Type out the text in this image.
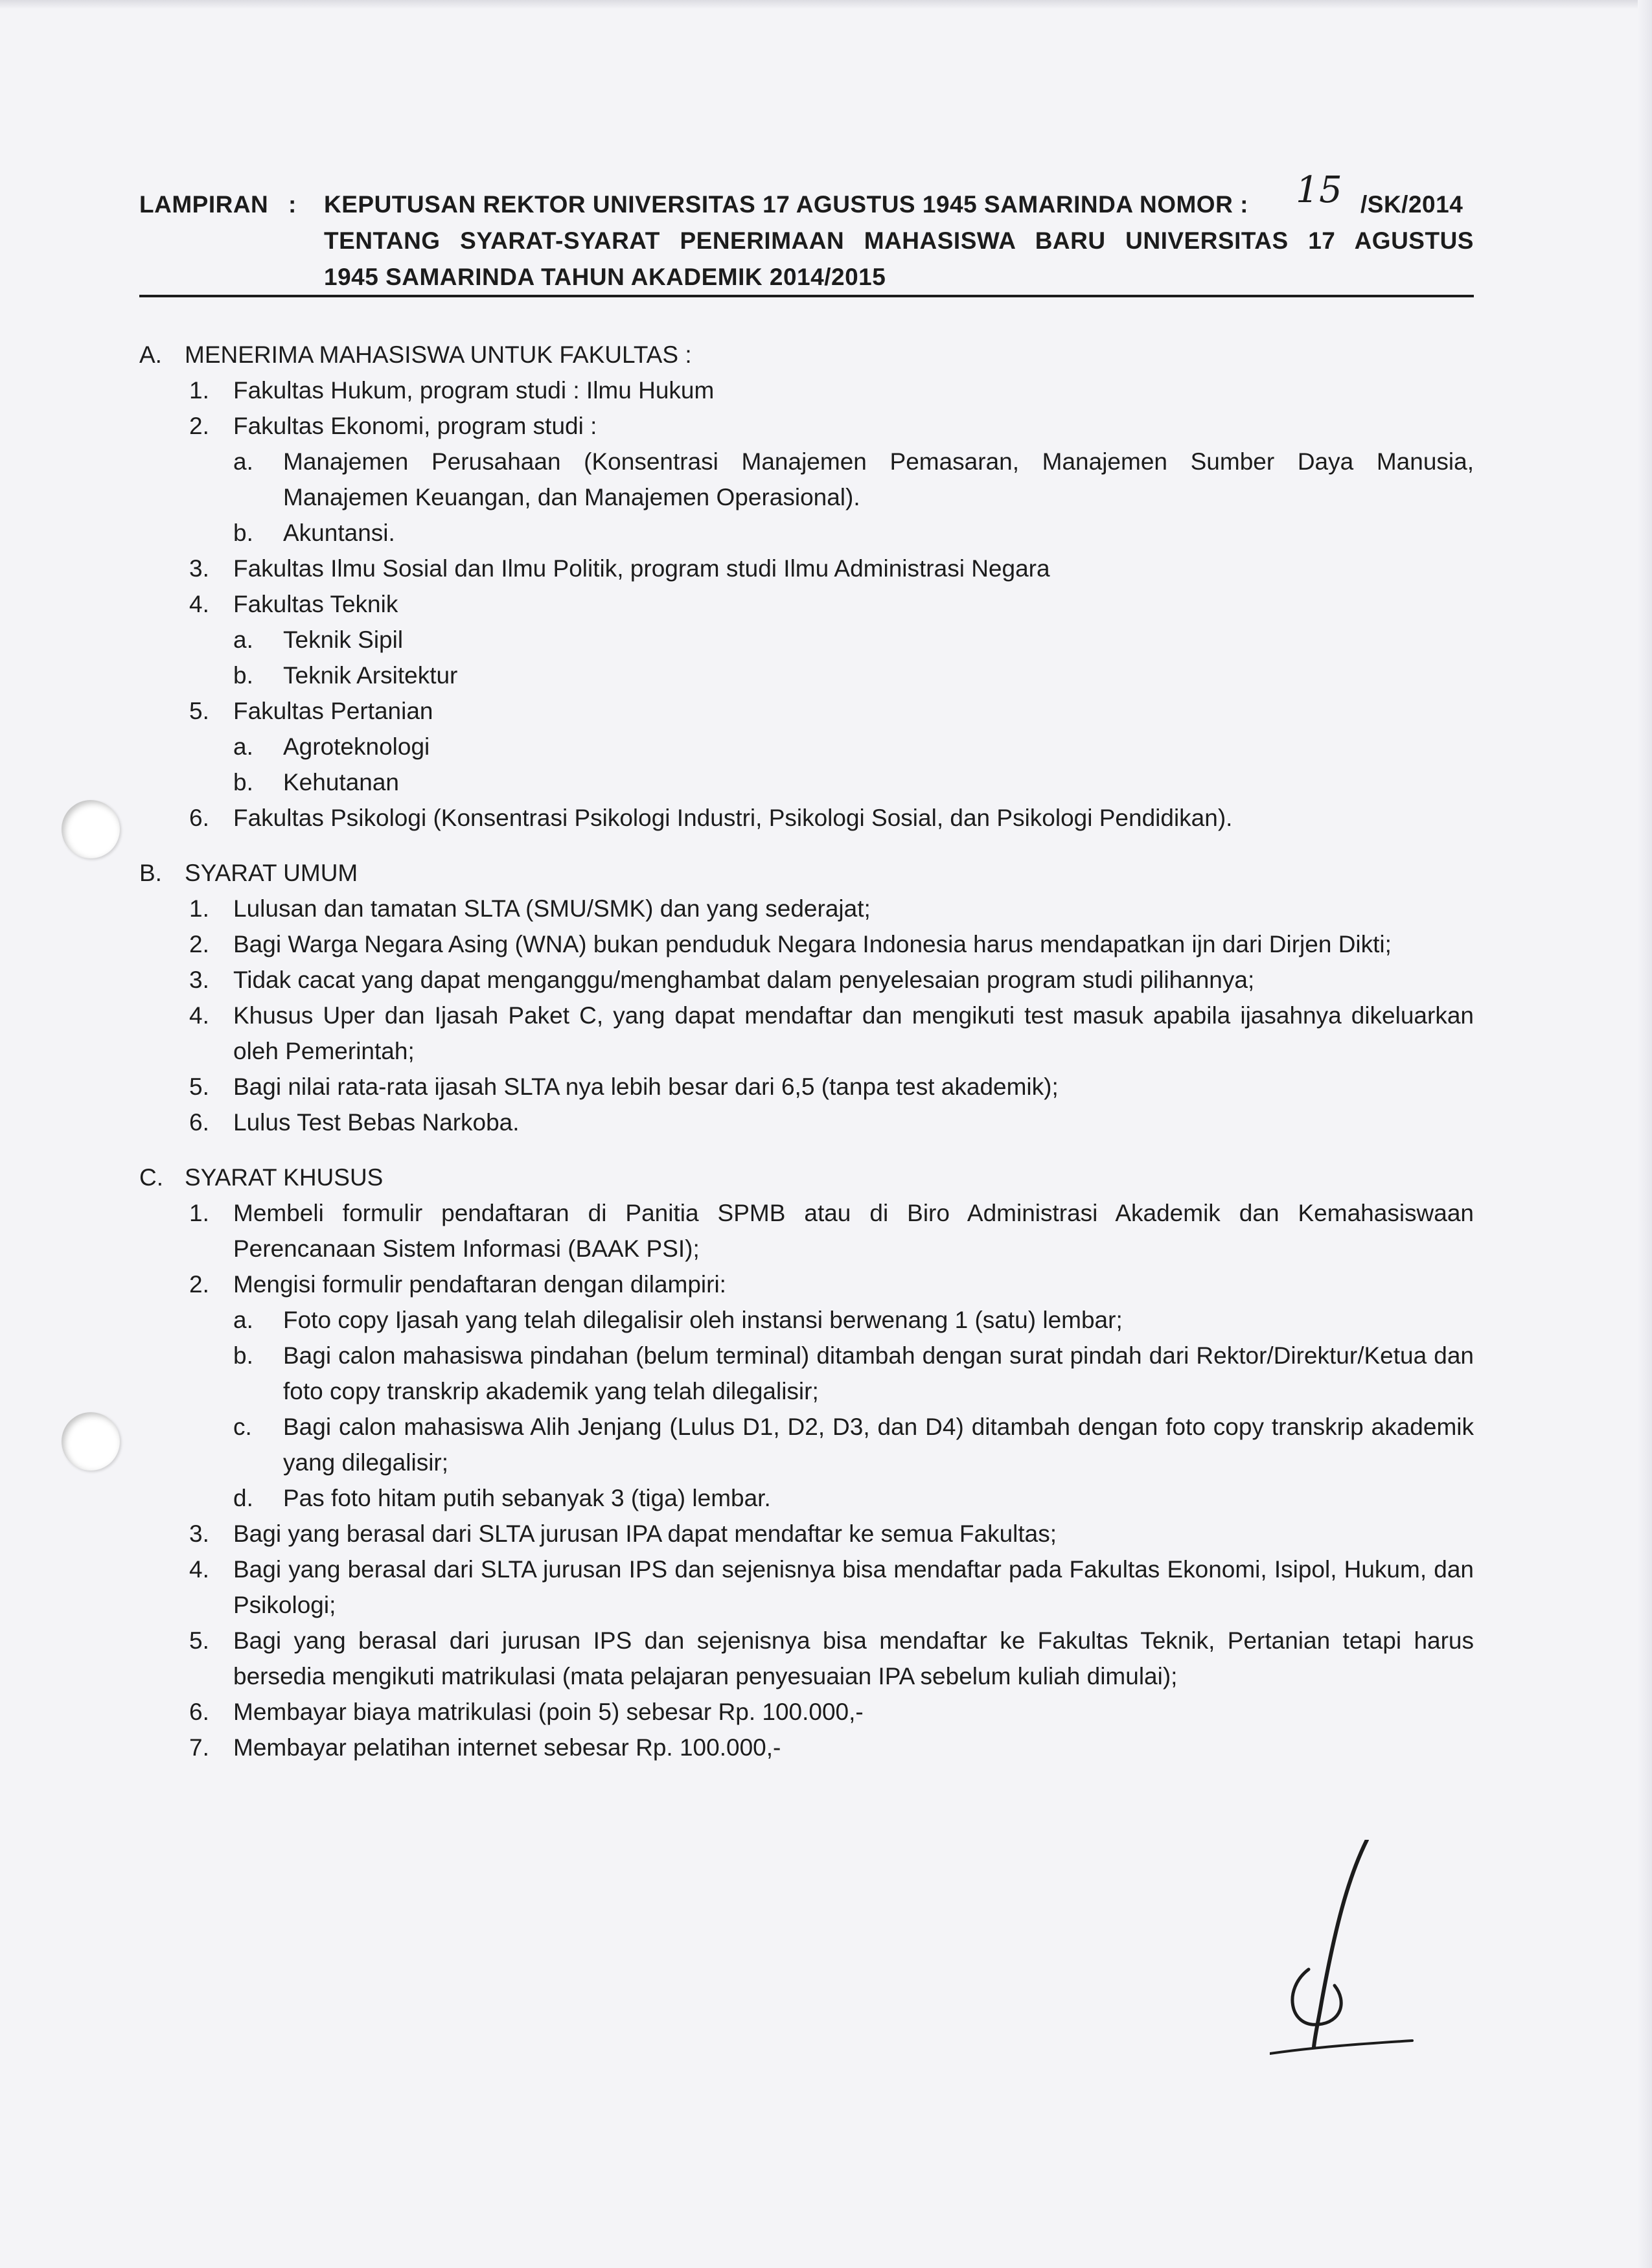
LAMPIRAN : KEPUTUSAN REKTOR UNIVERSITAS 17 AGUSTUS 1945 SAMARINDA NOMOR :	15 /SK/2014
TENTANG SYARAT-SYARAT PENERIMAAN MAHASISWA BARU UNIVERSITAS 17 AGUSTUS
1945 SAMARINDA TAHUN AKADEMIK 2014/2015
A. MENERIMA MAHASISWA UNTUK FAKULTAS :
1.	Fakultas Hukum, program studi : Ilmu Hukum
2.	Fakultas Ekonomi, program studi :
a.	Manajemen Perusahaan (Konsentrasi Manajemen Pemasaran, Manajemen Sumber Daya Manusia, Manajemen Keuangan, dan Manajemen Operasional).
b.	Akuntansi.
3.	Fakultas Ilmu Sosial dan Ilmu Politik, program studi Ilmu Administrasi Negara
4.	Fakultas Teknik
a.	Teknik Sipil
b.	Teknik Arsitektur
5.	Fakultas Pertanian
a.	Agroteknologi
b.	Kehutanan
6.	Fakultas Psikologi (Konsentrasi Psikologi Industri, Psikologi Sosial, dan Psikologi Pendidikan).
B. SYARAT UMUM
1.	Lulusan dan tamatan SLTA (SMU/SMK) dan yang sederajat;
2.	Bagi Warga Negara Asing (WNA) bukan penduduk Negara Indonesia harus mendapatkan ijn dari Dirjen Dikti;
3.	Tidak cacat yang dapat menganggu/menghambat dalam penyelesaian program studi pilihannya;
4.	Khusus Uper dan Ijasah Paket C, yang dapat mendaftar dan mengikuti test masuk apabila ijasahnya dikeluarkan oleh Pemerintah;
5.	Bagi nilai rata-rata ijasah SLTA nya lebih besar dari 6,5 (tanpa test akademik);
6.	Lulus Test Bebas Narkoba.
C. SYARAT KHUSUS
1.	Membeli formulir pendaftaran di Panitia SPMB atau di Biro Administrasi Akademik dan Kemahasiswaan Perencanaan Sistem Informasi (BAAK PSI);
2.	Mengisi formulir pendaftaran dengan dilampiri:
a.	Foto copy Ijasah yang telah dilegalisir oleh instansi berwenang 1 (satu) lembar;
b.	Bagi calon mahasiswa pindahan (belum terminal) ditambah dengan surat pindah dari Rektor/Direktur/Ketua dan foto copy transkrip akademik yang telah dilegalisir;
c.	Bagi calon mahasiswa Alih Jenjang (Lulus D1, D2, D3, dan D4) ditambah dengan foto copy transkrip akademik yang dilegalisir;
d.	Pas foto hitam putih sebanyak 3 (tiga) lembar.
3.	Bagi yang berasal dari SLTA jurusan IPA dapat mendaftar ke semua Fakultas;
4.	Bagi yang berasal dari SLTA jurusan IPS dan sejenisnya bisa mendaftar pada Fakultas Ekonomi, Isipol, Hukum, dan Psikologi;
5.	Bagi yang berasal dari jurusan IPS dan sejenisnya bisa mendaftar ke Fakultas Teknik, Pertanian tetapi harus bersedia mengikuti matrikulasi (mata pelajaran penyesuaian IPA sebelum kuliah dimulai);
6.	Membayar biaya matrikulasi (poin 5) sebesar Rp. 100.000,-
7.	Membayar pelatihan internet sebesar Rp. 100.000,-
